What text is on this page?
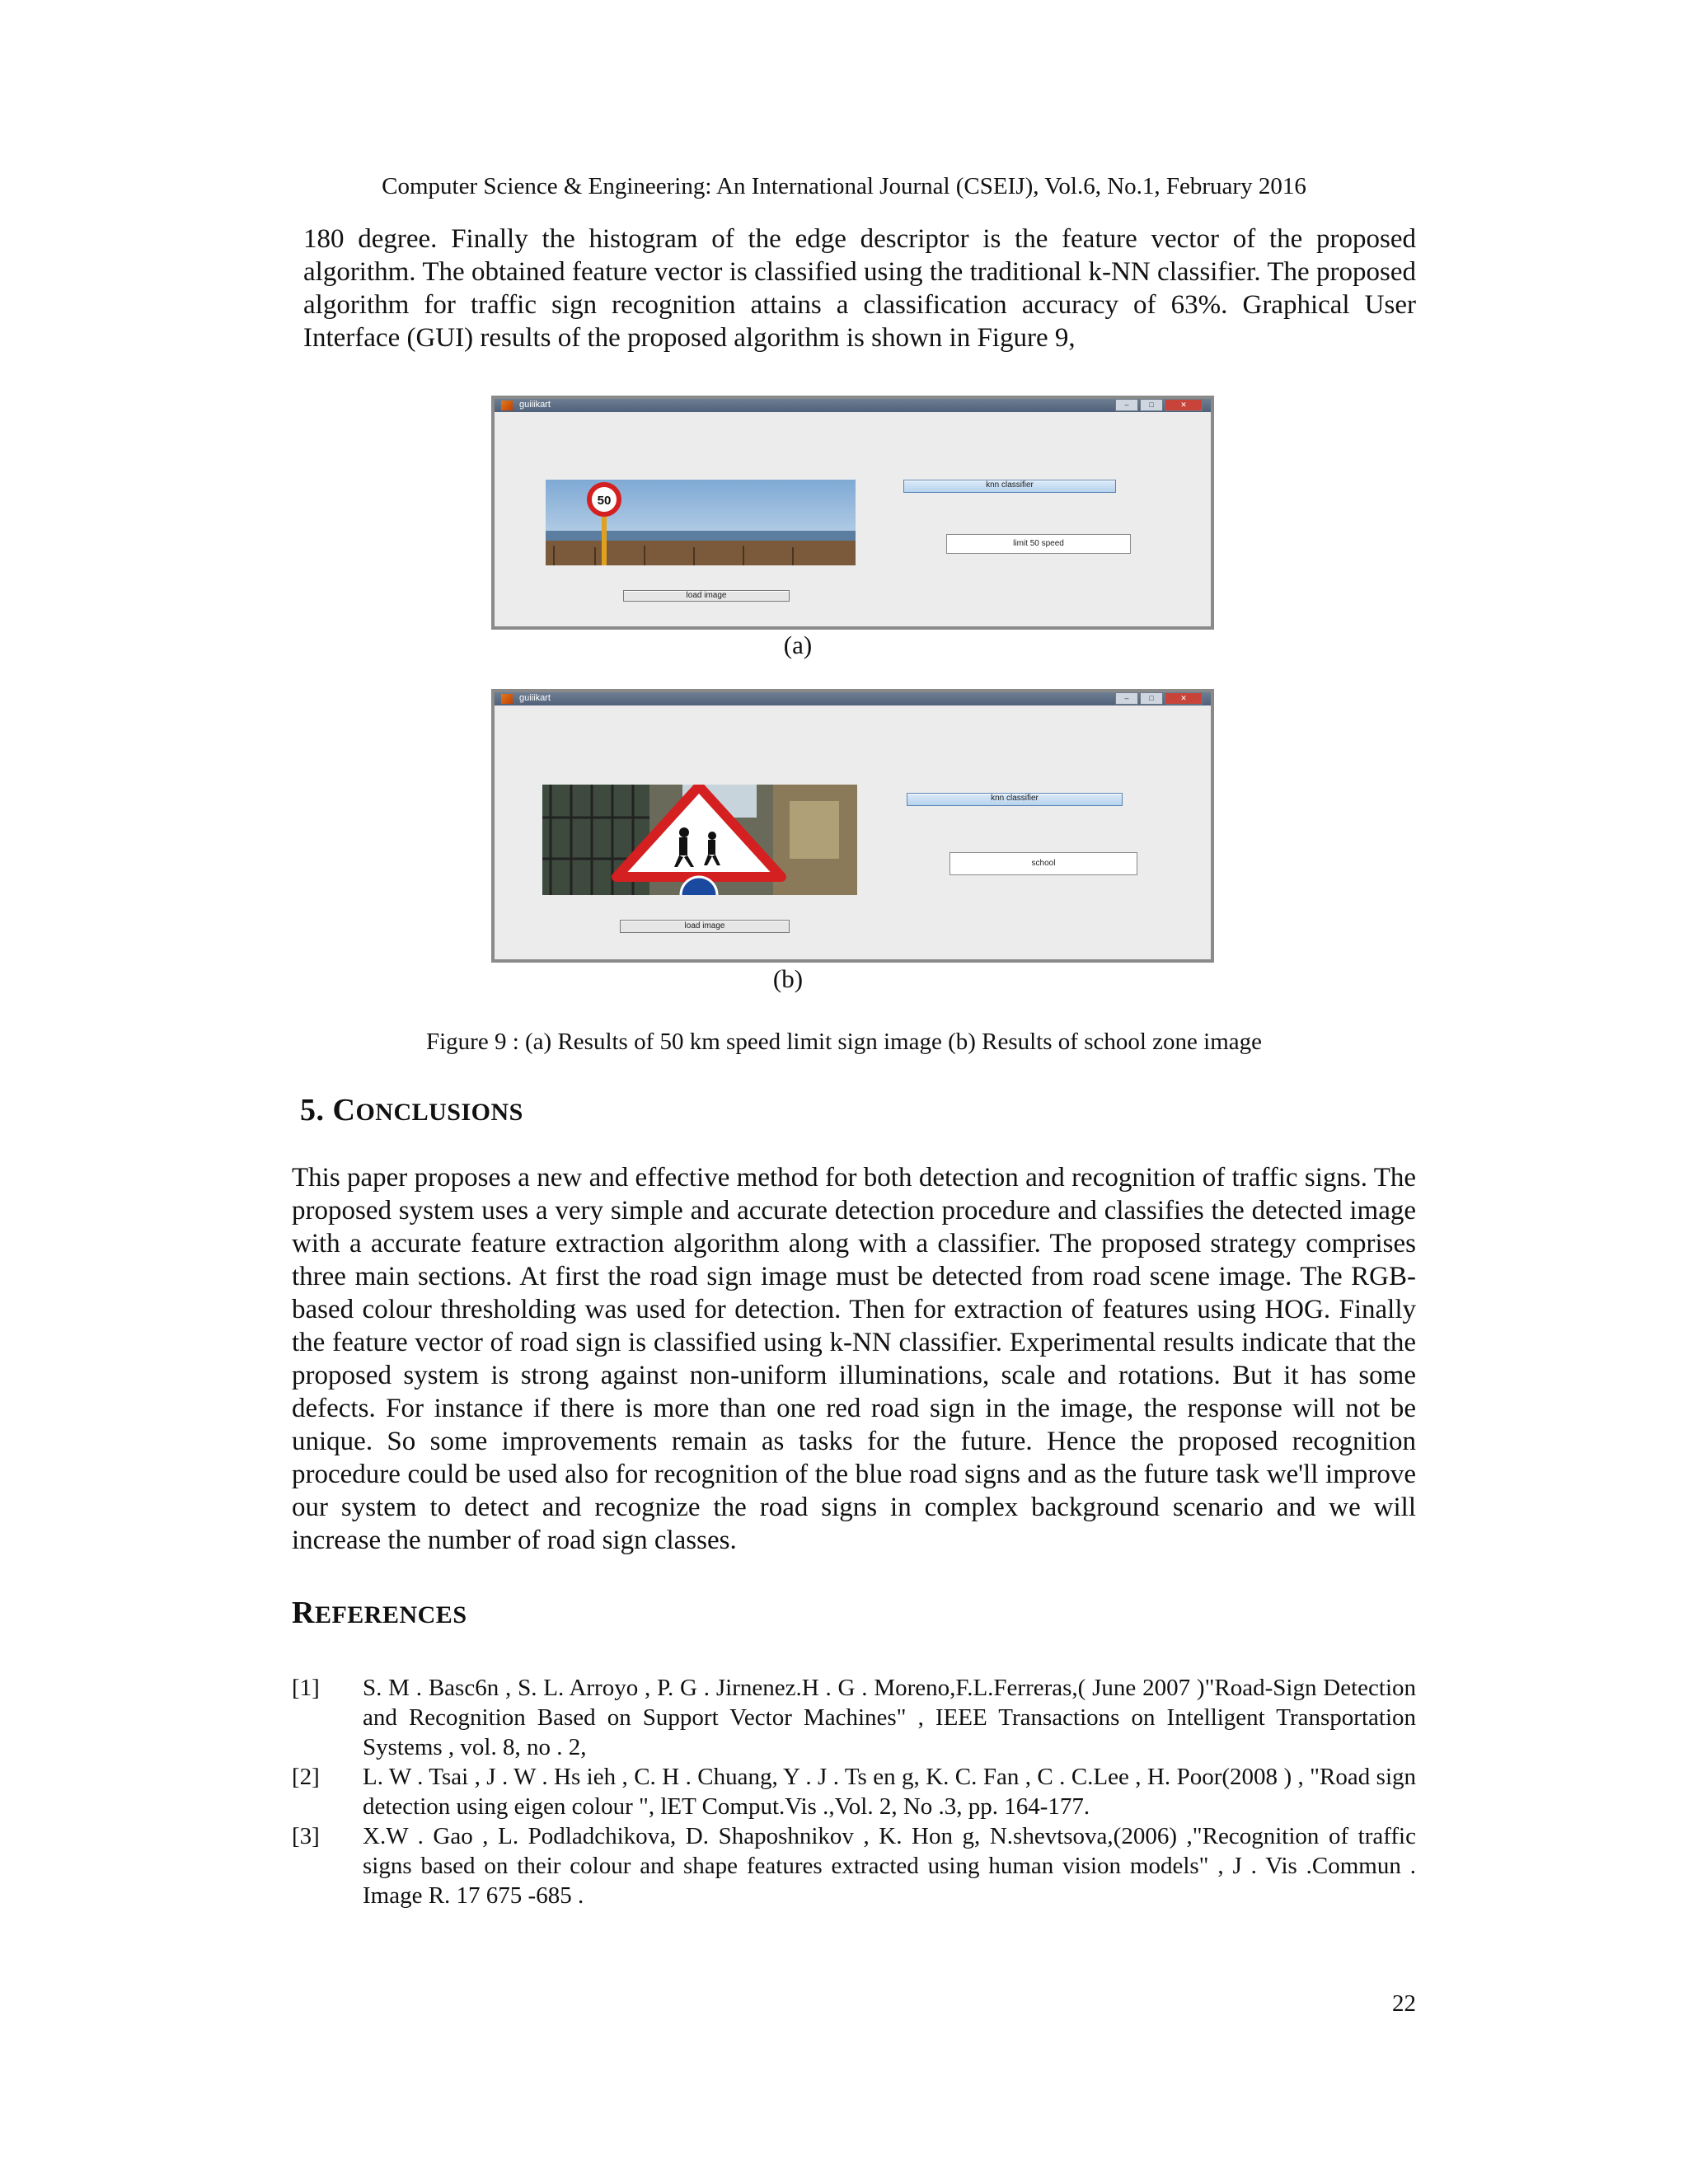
Computer Science & Engineering: An International Journal (CSEIJ), Vol.6, No.1, February 2016
180 degree. Finally the histogram of the edge descriptor is the feature vector of the proposed algorithm. The obtained feature vector is classified using the traditional k-NN classifier. The proposed algorithm for traffic sign recognition attains a classification accuracy of 63%. Graphical User Interface (GUI) results of the proposed algorithm is shown in Figure 9,
guiiikart	–	□	✕
50
knn classifier
limit 50 speed
load image
(a)
guiiikart	–	□	✕
knn classifier
school
load image
(b)
Figure 9 : (a) Results of 50 km speed limit sign image (b) Results of school zone image
5. CONCLUSIONS
This paper proposes a new and effective method for both detection and recognition of traffic signs. The proposed system uses a very simple and accurate detection procedure and classifies the detected image with a accurate feature extraction algorithm along with a classifier. The proposed strategy comprises three main sections. At first the road sign image must be detected from road scene image. The RGB-based colour thresholding was used for detection. Then for extraction of features using HOG. Finally the feature vector of road sign is classified using k-NN classifier. Experimental results indicate that the proposed system is strong against non-uniform illuminations, scale and rotations. But it has some defects. For instance if there is more than one red road sign in the image, the response will not be unique. So some improvements remain as tasks for the future. Hence the proposed recognition procedure could be used also for recognition of the blue road signs and as the future task we'll improve our system to detect and recognize the road signs in complex background scenario and we will increase the number of road sign classes.
REFERENCES
[1]	S. M . Basc6n , S. L. Arroyo , P. G . Jirnenez.H . G . Moreno,F.L.Ferreras,( June 2007 )"Road-Sign Detection and Recognition Based on Support Vector Machines" , IEEE Transactions on Intelligent Transportation Systems , vol. 8, no . 2,
[2]	L. W . Tsai , J . W . Hs ieh , C. H . Chuang, Y . J . Ts en g, K. C. Fan , C . C.Lee , H. Poor(2008 ) , "Road sign detection using eigen colour ", lET Comput.Vis .,Vol. 2, No .3, pp. 164-177.
[3]	X.W . Gao , L. Podladchikova, D. Shaposhnikov , K. Hon g, N.shevtsova,(2006) ,"Recognition of traffic signs based on their colour and shape features extracted using human vision models" , J . Vis .Commun . Image R. 17 675 -685 .
22
